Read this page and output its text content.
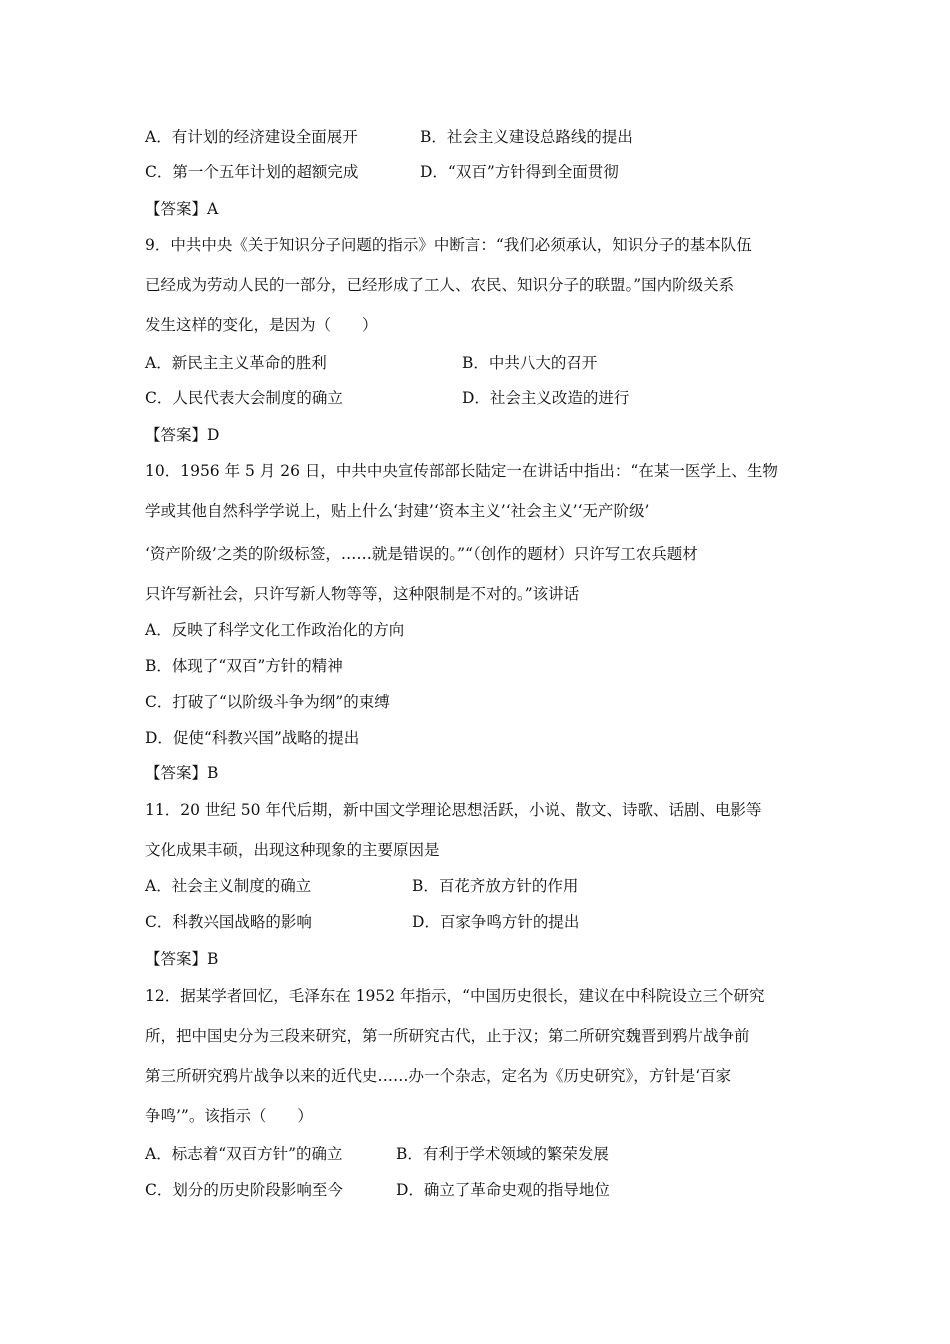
A．有计划的经济建设全面展开	B．社会主义建设总路线的提出
C．第一个五年计划的超额完成	D．“双百”方针得到全面贯彻
【答案】A
9．中共中央《关于知识分子问题的指示》中断言：“我们必须承认，知识分子的基本队伍
已经成为劳动人民的一部分，已经形成了工人、农民、知识分子的联盟。”国内阶级关系
发生这样的变化，是因为（　　）
A．新民主主义革命的胜利	B．中共八大的召开
C．人民代表大会制度的确立	D．社会主义改造的进行
【答案】D
10．1956 年 5 月 26 日，中共中央宣传部部长陆定一在讲话中指出：“在某一医学上、生物
学或其他自然科学学说上，贴上什么‘封建’‘资本主义’‘社会主义’‘无产阶级’
‘资产阶级’之类的阶级标签，……就是错误的。”“（创作的题材）只许写工农兵题材
只许写新社会，只许写新人物等等，这种限制是不对的。”该讲话
A．反映了科学文化工作政治化的方向
B．体现了“双百”方针的精神
C．打破了“以阶级斗争为纲”的束缚
D．促使“科教兴国”战略的提出
【答案】B
11．20 世纪 50 年代后期，新中国文学理论思想活跃，小说、散文、诗歌、话剧、电影等
文化成果丰硕，出现这种现象的主要原因是
A．社会主义制度的确立	B．百花齐放方针的作用
C．科教兴国战略的影响	D．百家争鸣方针的提出
【答案】B
12．据某学者回忆，毛泽东在 1952 年指示，“中国历史很长，建议在中科院设立三个研究
所，把中国史分为三段来研究，第一所研究古代，止于汉；第二所研究魏晋到鸦片战争前
第三所研究鸦片战争以来的近代史……办一个杂志，定名为《历史研究》，方针是‘百家
争鸣’”。该指示（　　）
A．标志着“双百方针”的确立	B．有利于学术领域的繁荣发展
C．划分的历史阶段影响至今	D．确立了革命史观的指导地位
